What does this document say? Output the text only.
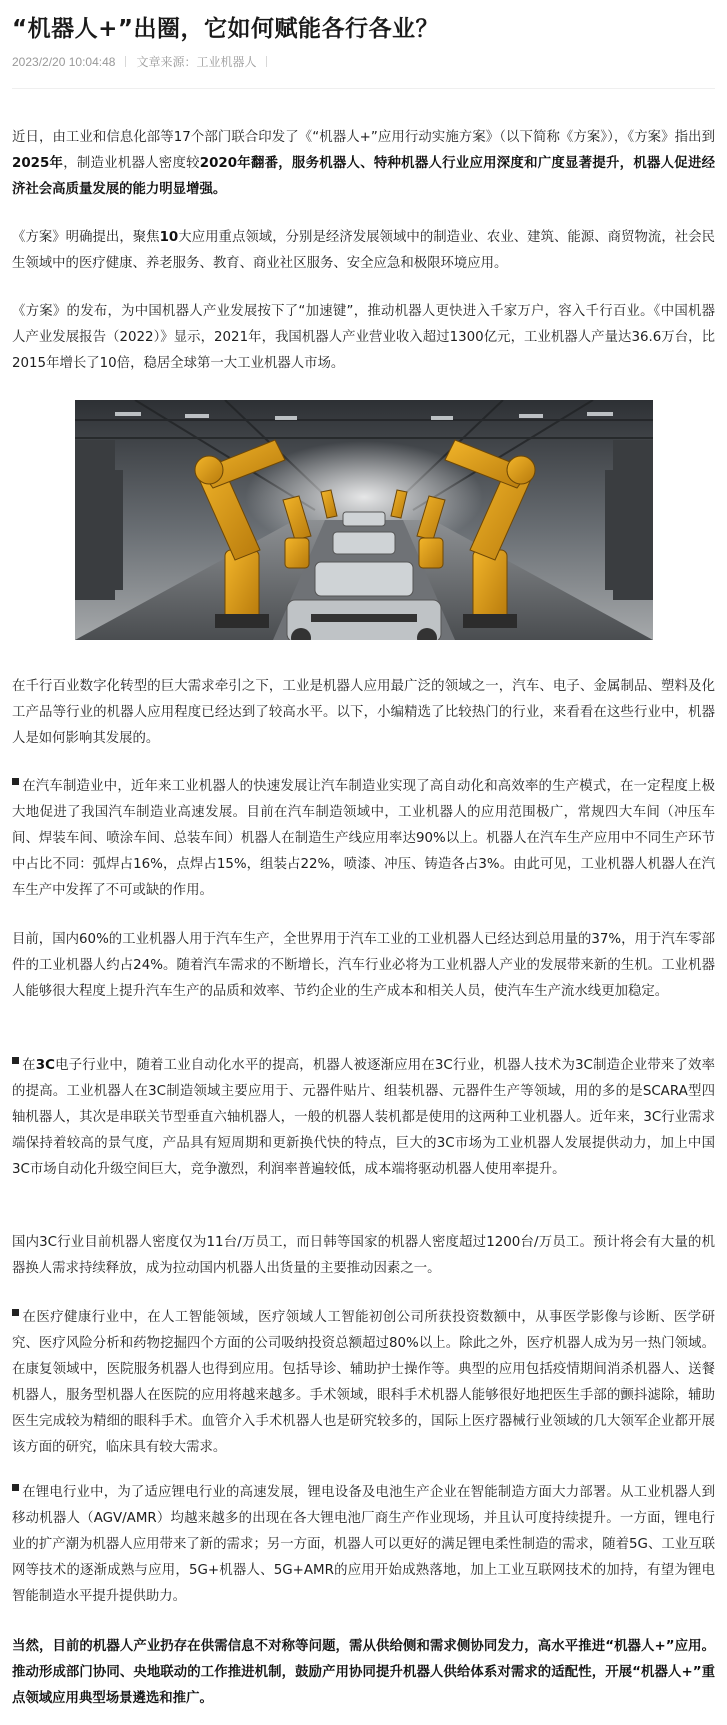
“机器人+”出圈，它如何赋能各行各业？
2023/2/20 10:04:48 文章来源：工业机器人

近日，由工业和信息化部等17个部门联合印发了《“机器人+”应用行动实施方案》（以下简称《方案》），《方案》指出到2025年，制造业机器人密度较2020年翻番，服务机器人、特种机器人行业应用深度和广度显著提升，机器人促进经济社会高质量发展的能力明显增强。

《方案》明确提出，聚焦10大应用重点领域，分别是经济发展领域中的制造业、农业、建筑、能源、商贸物流，社会民生领域中的医疗健康、养老服务、教育、商业社区服务、安全应急和极限环境应用。

《方案》的发布，为中国机器人产业发展按下了“加速键”，推动机器人更快进入千家万户，容入千行百业。《中国机器人产业发展报告（2022）》显示，2021年，我国机器人产业营业收入超过1300亿元，工业机器人产量达36.6万台，比2015年增长了10倍，稳居全球第一大工业机器人市场。

在千行百业数字化转型的巨大需求牵引之下，工业是机器人应用最广泛的领域之一，汽车、电子、金属制品、塑料及化工产品等行业的机器人应用程度已经达到了较高水平。以下，小编精选了比较热门的行业，来看看在这些行业中，机器人是如何影响其发展的。

在汽车制造业中，近年来工业机器人的快速发展让汽车制造业实现了高自动化和高效率的生产模式，在一定程度上极大地促进了我国汽车制造业高速发展。目前在汽车制造领域中，工业机器人的应用范围极广，常规四大车间（冲压车间、焊装车间、喷涂车间、总装车间）机器人在制造生产线应用率达90%以上。机器人在汽车生产应用中不同生产环节中占比不同：弧焊占16%，点焊占15%，组装占22%，喷漆、冲压、铸造各占3%。由此可见，工业机器人机器人在汽车生产中发挥了不可或缺的作用。

目前，国内60%的工业机器人用于汽车生产，全世界用于汽车工业的工业机器人已经达到总用量的37%，用于汽车零部件的工业机器人约占24%。随着汽车需求的不断增长，汽车行业必将为工业机器人产业的发展带来新的生机。工业机器人能够很大程度上提升汽车生产的品质和效率、节约企业的生产成本和相关人员，使汽车生产流水线更加稳定。

在3C电子行业中，随着工业自动化水平的提高，机器人被逐渐应用在3C行业，机器人技术为3C制造企业带来了效率的提高。工业机器人在3C制造领域主要应用于、元器件贴片、组装机器、元器件生产等领域，用的多的是SCARA型四轴机器人，其次是串联关节型垂直六轴机器人，一般的机器人装机都是使用的这两种工业机器人。近年来，3C行业需求端保持着较高的景气度，产品具有短周期和更新换代快的特点，巨大的3C市场为工业机器人发展提供动力，加上中国3C市场自动化升级空间巨大，竞争激烈，利润率普遍较低，成本端将驱动机器人使用率提升。

国内3C行业目前机器人密度仅为11台/万员工，而日韩等国家的机器人密度超过1200台/万员工。预计将会有大量的机器换人需求持续释放，成为拉动国内机器人出货量的主要推动因素之一。

在医疗健康行业中，在人工智能领域，医疗领域人工智能初创公司所获投资数额中，从事医学影像与诊断、医学研究、医疗风险分析和药物挖掘四个方面的公司吸纳投资总额超过80%以上。除此之外，医疗机器人成为另一热门领域。在康复领域中，医院服务机器人也得到应用。包括导诊、辅助护士操作等。典型的应用包括疫情期间消杀机器人、送餐机器人，服务型机器人在医院的应用将越来越多。手术领域，眼科手术机器人能够很好地把医生手部的颤抖滤除，辅助医生完成较为精细的眼科手术。血管介入手术机器人也是研究较多的，国际上医疗器械行业领域的几大领军企业都开展该方面的研究，临床具有较大需求。

在锂电行业中，为了适应锂电行业的高速发展，锂电设备及电池生产企业在智能制造方面大力部署。从工业机器人到移动机器人（AGV/AMR）均越来越多的出现在各大锂电池厂商生产作业现场，并且认可度持续提升。一方面，锂电行业的扩产潮为机器人应用带来了新的需求；另一方面，机器人可以更好的满足锂电柔性制造的需求，随着5G、工业互联网等技术的逐渐成熟与应用，5G+机器人、5G+AMR的应用开始成熟落地，加上工业互联网技术的加持，有望为锂电智能制造水平提升提供助力。

当然，目前的机器人产业扔存在供需信息不对称等问题，需从供给侧和需求侧协同发力，高水平推进“机器人+”应用。推动形成部门协同、央地联动的工作推进机制，鼓励产用协同提升机器人供给体系对需求的适配性，开展“机器人+”重点领域应用典型场景遴选和推广。
